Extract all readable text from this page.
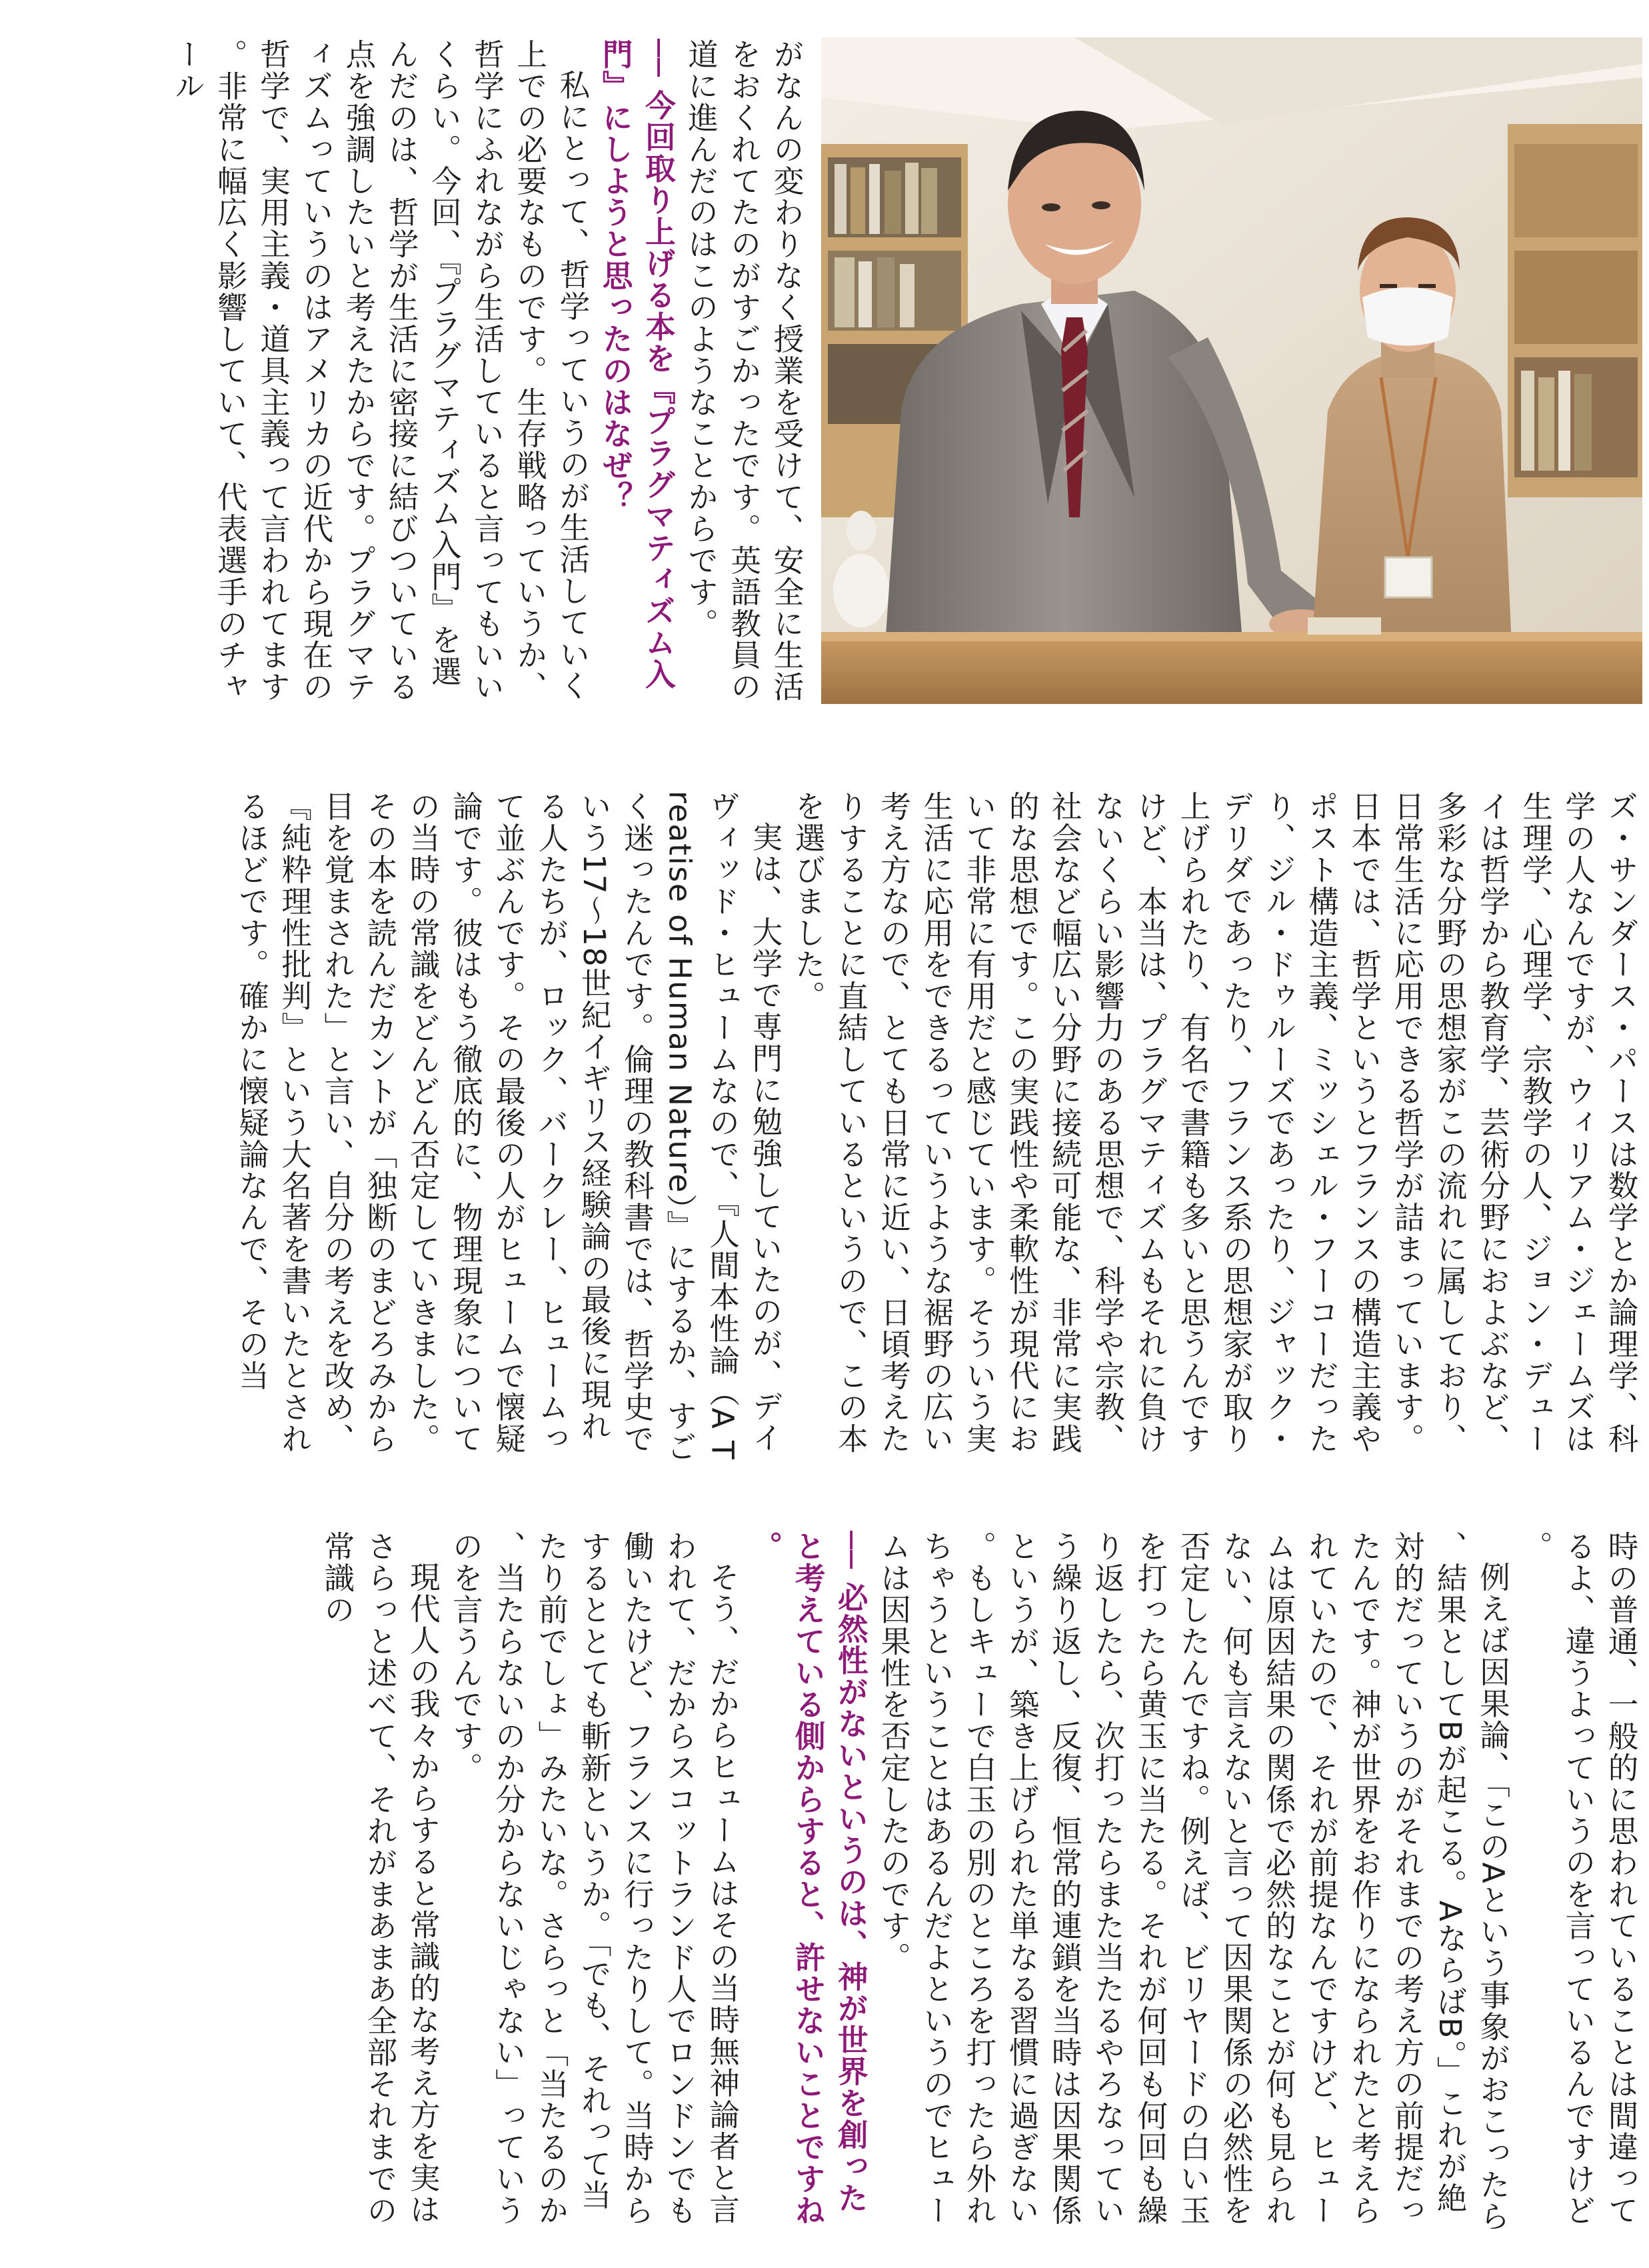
がなんの変わりなく授業を受けて、安全に生活をおくれてたのがすごかったです。英語教員の道に進んだのはこのようなことからです。

── 今回取り上げる本を『プラグマティズム入門』にしようと思ったのはなぜ？

私にとって、哲学っていうのが生活していく上での必要なものです。生存戦略っていうか、哲学にふれながら生活していると言ってもいいくらい。今回、『プラグマティズム入門』を選んだのは、哲学が生活に密接に結びついている点を強調したいと考えたからです。プラグマティズムっていうのはアメリカの近代から現在の哲学で、実用主義・道具主義って言われてます。非常に幅広く影響していて、代表選手のチャール

ズ・サンダース・パースは数学とか論理学、科学の人なんですが、ウィリアム・ジェームズは生理学、心理学、宗教学の人、ジョン・デューイは哲学から教育学、芸術分野におよぶなど、多彩な分野の思想家がこの流れに属しており、日常生活に応用できる哲学が詰まっています。日本では、哲学というとフランスの構造主義やポスト構造主義、ミッシェル・フーコーだったり、ジル・ドゥルーズであったり、ジャック・デリダであったり、フランス系の思想家が取り上げられたり、有名で書籍も多いと思うんですけど、本当は、プラグマティズムもそれに負けないくらい影響力のある思想で、科学や宗教、社会など幅広い分野に接続可能な、非常に実践的な思想です。この実践性や柔軟性が現代において非常に有用だと感じています。そういう実生活に応用をできるっていうような裾野の広い考え方なので、とても日常に近い、日頃考えたりすることに直結しているというので、この本を選びました。

実は、大学で専門に勉強していたのが、デイヴィッド・ヒュームなので、『人間本性論（A Treatise of Human Nature）』にするか、すごく迷ったんです。倫理の教科書では、哲学史でいう17～18世紀イギリス経験論の最後に現れる人たちが、ロック、バークレー、ヒュームって並ぶんです。その最後の人がヒュームで懐疑論です。彼はもう徹底的に、物理現象についての当時の常識をどんどん否定していきました。その本を読んだカントが「独断のまどろみから目を覚まされた」と言い、自分の考えを改め、『純粋理性批判』という大名著を書いたとされるほどです。確かに懐疑論なんで、その当

時の普通、一般的に思われていることは間違ってるよ、違うよっていうのを言っているんですけど。

例えば因果論、「このAという事象がおこったら、結果としてBが起こる。AならばB。」これが絶対的だっていうのがそれまでの考え方の前提だったんです。神が世界をお作りになられたと考えられていたので、それが前提なんですけど、ヒュームは原因結果の関係で必然的なことが何も見られない、何も言えないと言って因果関係の必然性を否定したんですね。例えば、ビリヤードの白い玉を打ったら黄玉に当たる。それが何回も何回も繰り返したら、次打ったらまた当たるやろなっていう繰り返し、反復、恒常的連鎖を当時は因果関係というが、築き上げられた単なる習慣に過ぎない。もしキューで白玉の別のところを打ったら外れちゃうということはあるんだよというのでヒュームは因果性を否定したのです。

── 必然性がないというのは、神が世界を創ったと考えている側からすると、許せないことですね。

そう、だからヒュームはその当時無神論者と言われて、だからスコットランド人でロンドンでも働いたけど、フランスに行ったりして。当時からするととても斬新というか。「でも、それって当たり前でしょ」みたいな。さらっと「当たるのか、当たらないのか分からないじゃない」っていうのを言うんです。

現代人の我々からすると常識的な考え方を実はさらっと述べて、それがまあまあ全部それまでの常識の
